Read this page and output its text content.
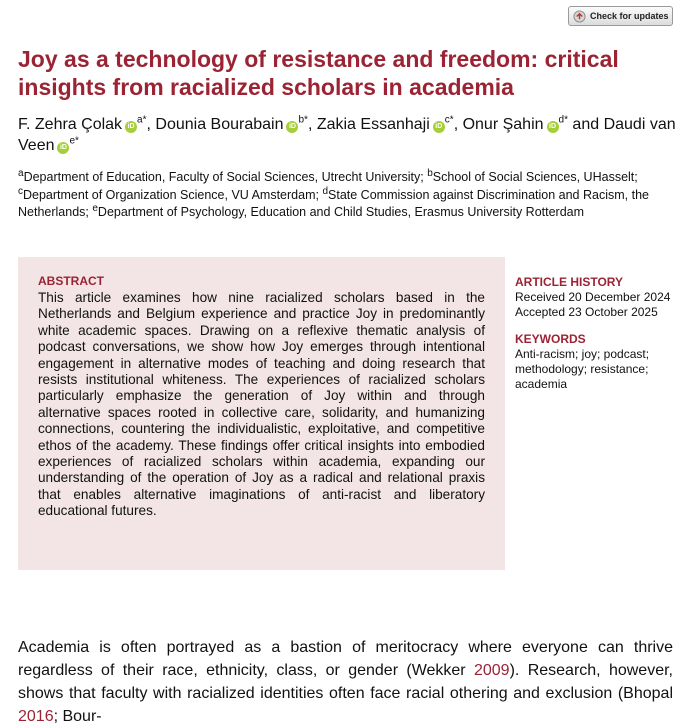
Check for updates
Joy as a technology of resistance and freedom: critical insights from racialized scholars in academia
F. Zehra Çolak $iD^{a*}$, Dounia Bourabain $iD^{b*}$, Zakia Essanhaji $iD^{c*}$, Onur Şahin $iD^{d*}$ and Daudi van Veen $iD^{e*}$
$^a$Department of Education, Faculty of Social Sciences, Utrecht University; $^b$School of Social Sciences, UHasselt; $^c$Department of Organization Science, VU Amsterdam; $^d$State Commission against Discrimination and Racism, the Netherlands; $^e$Department of Psychology, Education and Child Studies, Erasmus University Rotterdam
ABSTRACT

This article examines how nine racialized scholars based in the Netherlands and Belgium experience and practice Joy in predominantly white academic spaces. Drawing on a reflexive thematic analysis of podcast conversations, we show how Joy emerges through intentional engagement in alternative modes of teaching and doing research that resists institutional whiteness. The experiences of racialized scholars particularly emphasize the generation of Joy within and through alternative spaces rooted in collective care, solidarity, and humanizing connections, countering the individualistic, exploitative, and competitive ethos of the academy. These findings offer critical insights into embodied experiences of racialized scholars within academia, expanding our understanding of the operation of Joy as a radical and relational praxis that enables alternative imaginations of anti-racist and liberatory educational futures.

ARTICLE HISTORY
Received 20 December 2024
Accepted 23 October 2025
KEYWORDS
Anti-racism; joy; podcast; methodology; resistance; academia
Academia is often portrayed as a bastion of meritocracy where everyone can thrive regardless of their race, ethnicity, class, or gender (Wekker 2009). Research, however, shows that faculty with racialized identities often face racial othering and exclusion (Bhopal 2016; Bour-
